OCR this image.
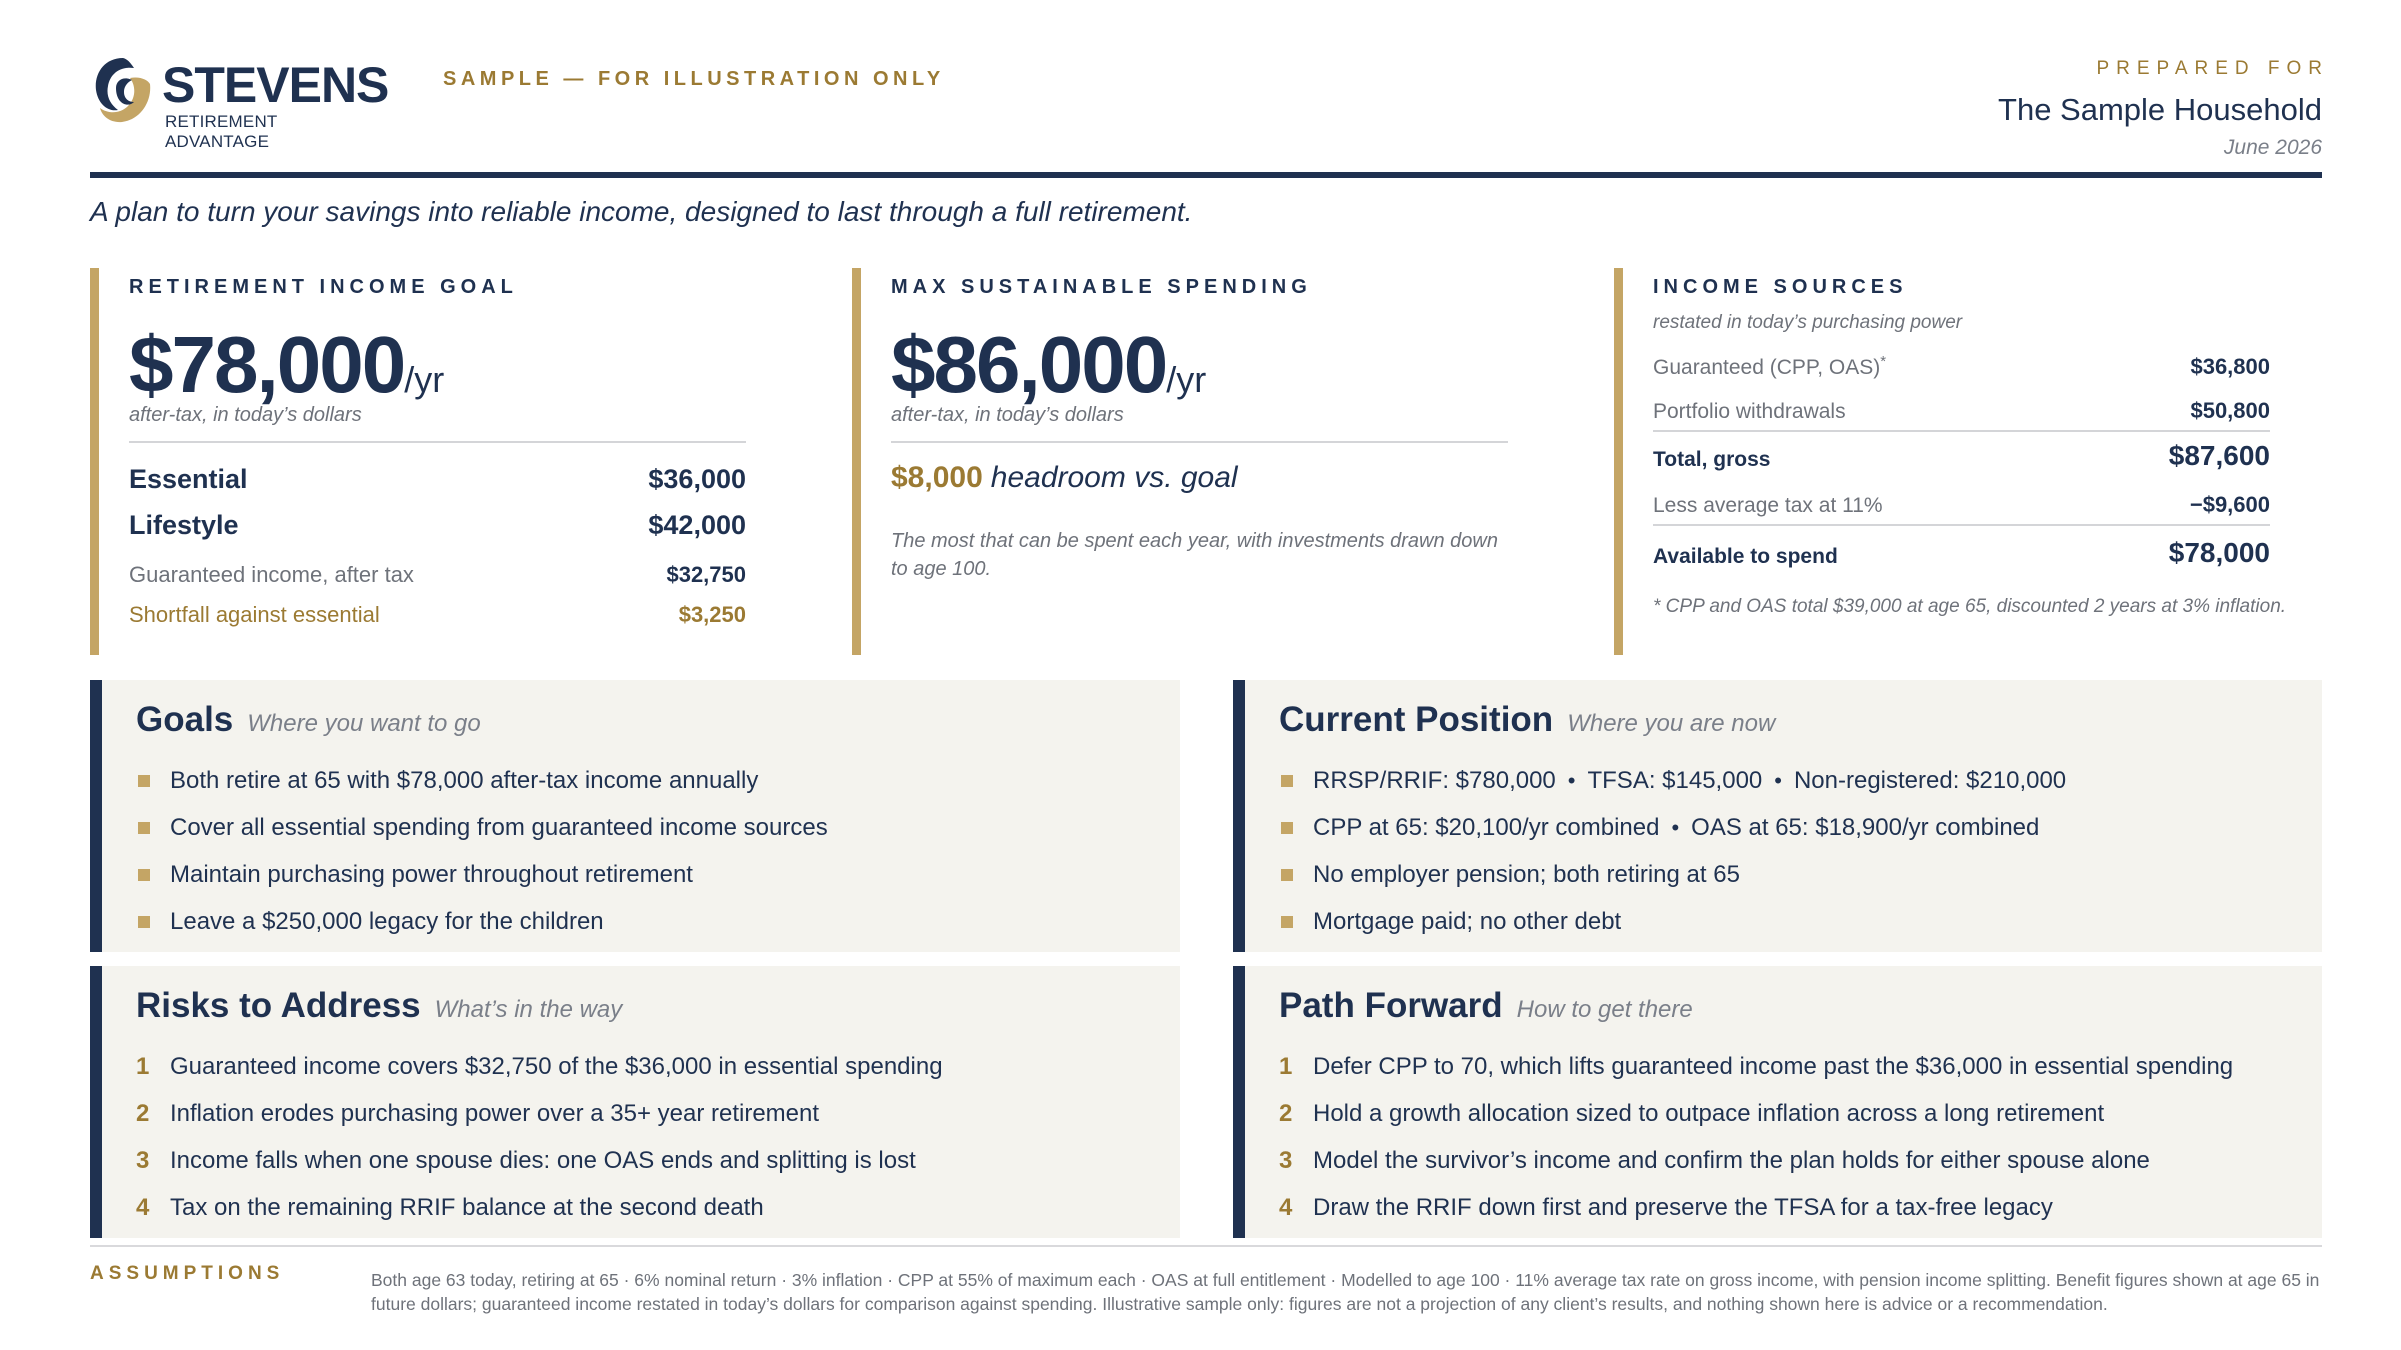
STEVENS
RETIREMENT ADVANTAGE
SAMPLE — FOR ILLUSTRATION ONLY	PREPARED FOR
The Sample Household
June 2026
A plan to turn your savings into reliable income, designed to last through a full retirement.
RETIREMENT INCOME GOAL
$78,000/yr
after-tax, in today’s dollars
Essential	$36,000
Lifestyle	$42,000
Guaranteed income, after tax	$32,750
Shortfall against essential	$3,250
MAX SUSTAINABLE SPENDING
$86,000/yr
after-tax, in today’s dollars
$8,000 headroom vs. goal
The most that can be spent each year, with investments drawn down to age 100.
INCOME SOURCES
restated in today’s purchasing power
Guaranteed (CPP, OAS)*	$36,800
Portfolio withdrawals	$50,800
Total, gross	$87,600
Less average tax at 11%	−$9,600
Available to spend	$78,000
* CPP and OAS total $39,000 at age 65, discounted 2 years at 3% inflation.
Goals Where you want to go
Both retire at 65 with $78,000 after-tax income annually
Cover all essential spending from guaranteed income sources
Maintain purchasing power throughout retirement
Leave a $250,000 legacy for the children
Current Position Where you are now
RRSP/RRIF: $780,000 • TFSA: $145,000 • Non-registered: $210,000
CPP at 65: $20,100/yr combined • OAS at 65: $18,900/yr combined
No employer pension; both retiring at 65
Mortgage paid; no other debt
Risks to Address What’s in the way
1 Guaranteed income covers $32,750 of the $36,000 in essential spending
2 Inflation erodes purchasing power over a 35+ year retirement
3 Income falls when one spouse dies: one OAS ends and splitting is lost
4 Tax on the remaining RRIF balance at the second death
Path Forward How to get there
1 Defer CPP to 70, which lifts guaranteed income past the $36,000 in essential spending
2 Hold a growth allocation sized to outpace inflation across a long retirement
3 Model the survivor’s income and confirm the plan holds for either spouse alone
4 Draw the RRIF down first and preserve the TFSA for a tax-free legacy
ASSUMPTIONS	Both age 63 today, retiring at 65 · 6% nominal return · 3% inflation · CPP at 55% of maximum each · OAS at full entitlement · Modelled to age 100 · 11% average tax rate on gross income, with pension income splitting. Benefit figures shown at age 65 in future dollars; guaranteed income restated in today’s dollars for comparison against spending. Illustrative sample only: figures are not a projection of any client’s results, and nothing shown here is advice or a recommendation.
